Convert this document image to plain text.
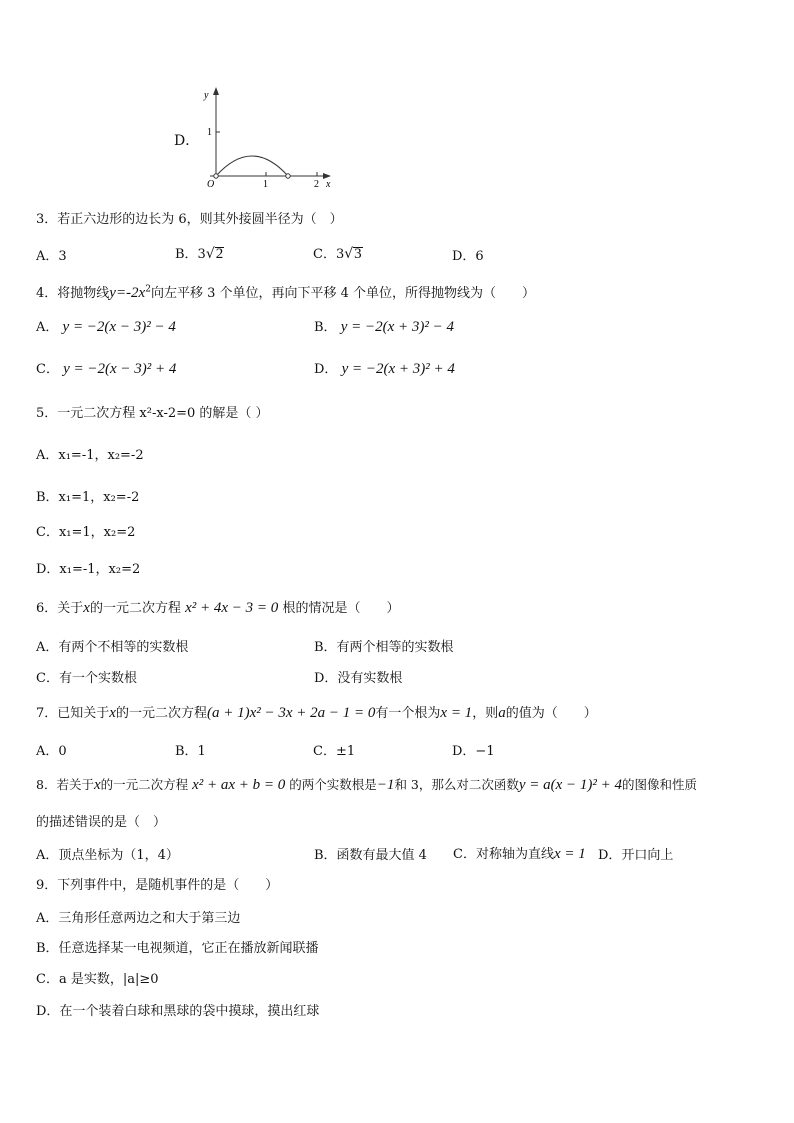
D．
y
1
O	1	2 x
3．若正六边形的边长为 6，则其外接圆半径为（　）
A．3	B．3√2	C．3√3	D．6
4．将抛物线$y=-2x^2$向左平移 3 个单位，再向下平移 4 个单位，所得抛物线为（　　）
A． y = −2(x − 3)² − 4	B． y = −2(x + 3)² − 4
C． y = −2(x − 3)² + 4	D． y = −2(x + 3)² + 4
5．一元二次方程 x²-x-2=0 的解是（ ）
A．x₁=-1，x₂=-2
B．x₁=1，x₂=-2
C．x₁=1，x₂=2
D．x₁=-1，x₂=2
6．关于x的一元二次方程 x² + 4x − 3 = 0 根的情况是（　　）
A．有两个不相等的实数根	B．有两个相等的实数根
C．有一个实数根	D．没有实数根
7．已知关于x的一元二次方程(a + 1)x² − 3x + 2a − 1 = 0有一个根为x = 1，则a的值为（　　）
A．0	B．1	C．±1	D．−1
8．若关于x的一元二次方程 x² + ax + b = 0 的两个实数根是−1和 3，那么对二次函数y = a(x − 1)² + 4的图像和性质
的描述错误的是（　）
A．顶点坐标为（1，4）	B．函数有最大值 4 C．对称轴为直线x = 1 D．开口向上
9．下列事件中，是随机事件的是（　　）
A．三角形任意两边之和大于第三边
B．任意选择某一电视频道，它正在播放新闻联播
C．a 是实数，|a|≥0
D．在一个装着白球和黑球的袋中摸球，摸出红球
